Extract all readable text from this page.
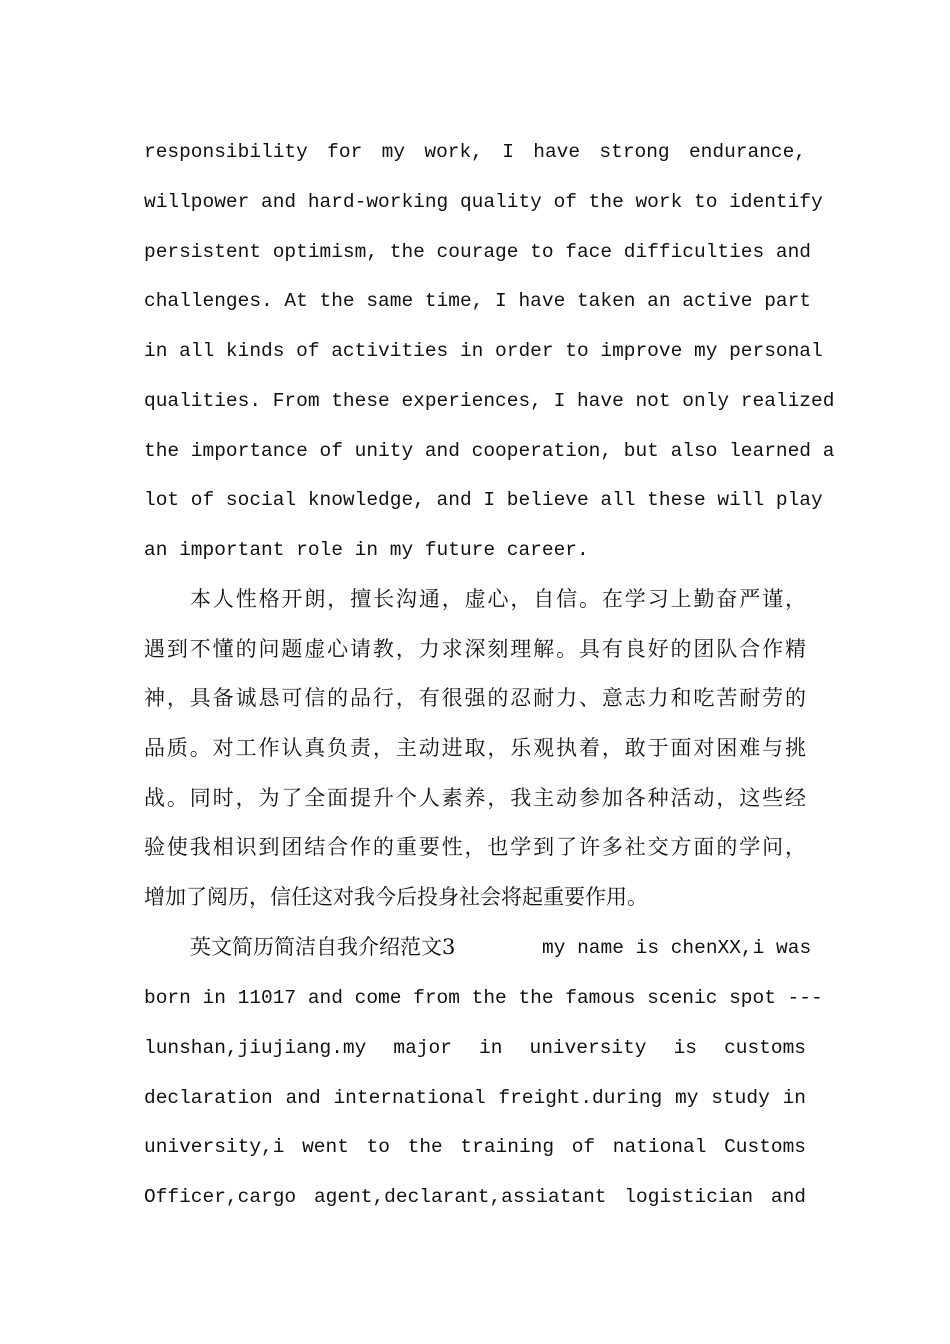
responsibility for my work, I have strong endurance,

willpower and hard-working quality of the work to identify

persistent optimism, the courage to face difficulties and

challenges. At the same time, I have taken an active part

in all kinds of activities in order to improve my personal

qualities. From these experiences, I have not only realized

the importance of unity and cooperation, but also learned a

lot of social knowledge, and I believe all these will play

an important role in my future career.

本人性格开朗，擅长沟通，虚心，自信。在学习上勤奋严谨，

遇到不懂的问题虚心请教，力求深刻理解。具有良好的团队合作精

神，具备诚恳可信的品行，有很强的忍耐力、意志力和吃苦耐劳的

品质。对工作认真负责，主动进取，乐观执着，敢于面对困难与挑

战。同时，为了全面提升个人素养，我主动参加各种活动，这些经

验使我相识到团结合作的重要性，也学到了许多社交方面的学问，

增加了阅历，信任这对我今后投身社会将起重要作用。

英文简历简洁自我介绍范文3	my name is chenXX,i was

born in 11017 and come from the the famous scenic spot ---

lunshan,jiujiang.my major in university is customs

declaration and international freight.during my study in

university,i went to the training of national Customs

Officer,cargo agent,declarant,assiatant logistician and
